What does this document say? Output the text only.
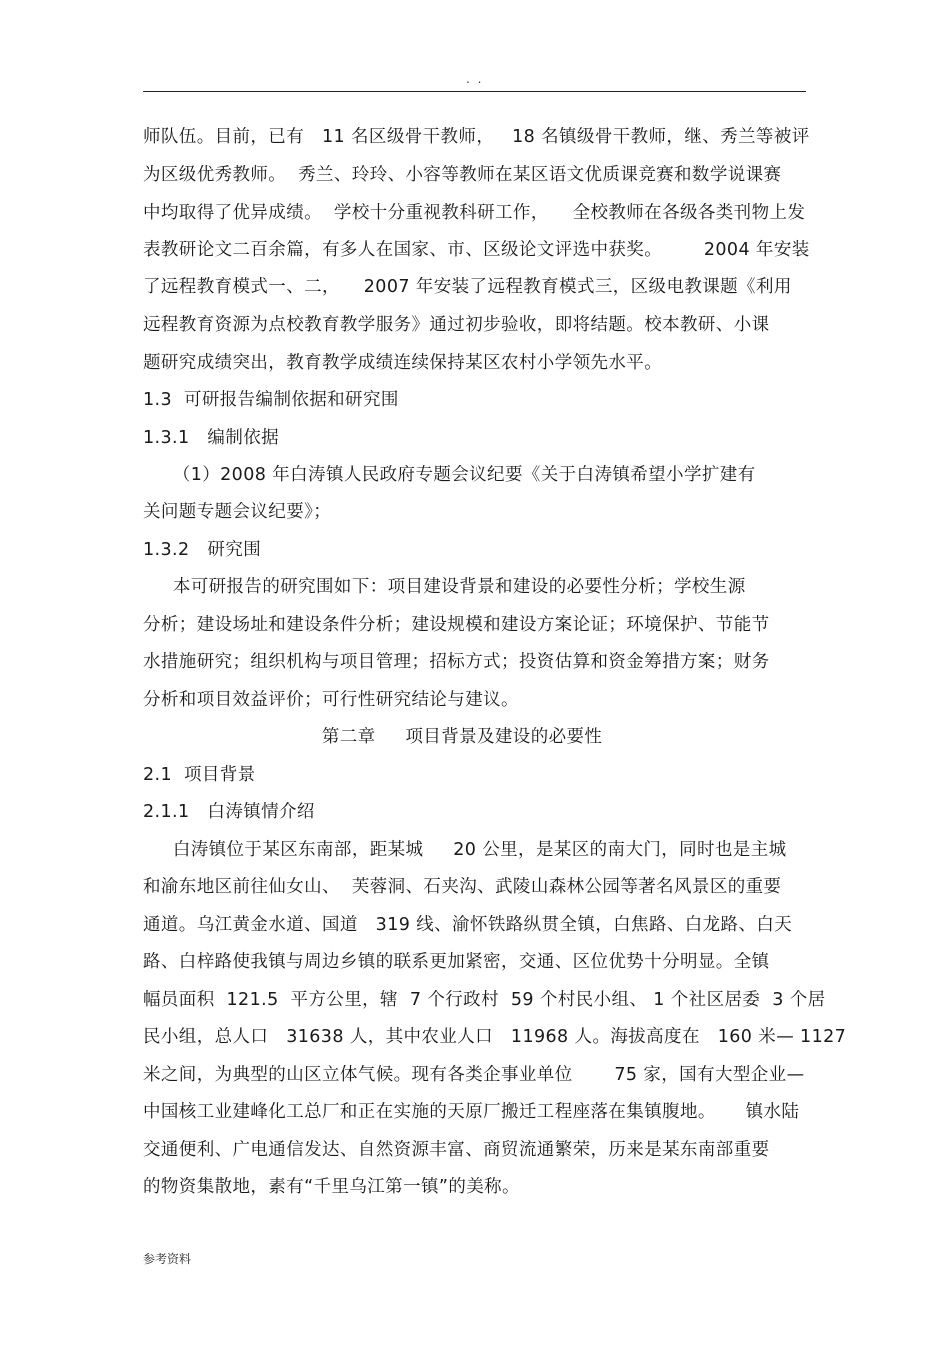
. .
师队伍。目前，已有   11 名区级骨干教师，   18 名镇级骨干教师，继、秀兰等被评
为区级优秀教师。  秀兰、玲玲、小容等教师在某区语文优质课竞赛和数学说课赛
中均取得了优异成绩。  学校十分重视教科研工作，    全校教师在各级各类刊物上发
表教研论文二百余篇，有多人在国家、市、区级论文评选中获奖。       2004 年安装
了远程教育模式一、二，    2007 年安装了远程教育模式三，区级电教课题《利用
远程教育资源为点校教育教学服务》通过初步验收，即将结题。校本教研、小课
题研究成绩突出，教育教学成绩连续保持某区农村小学领先水平。
1.3  可研报告编制依据和研究围
1.3.1   编制依据
（1）2008 年白涛镇人民政府专题会议纪要《关于白涛镇希望小学扩建有
关问题专题会议纪要》；
1.3.2   研究围
本可研报告的研究围如下：项目建设背景和建设的必要性分析；学校生源
分析；建设场址和建设条件分析；建设规模和建设方案论证；环境保护、节能节
水措施研究；组织机构与项目管理；招标方式；投资估算和资金筹措方案；财务
分析和项目效益评价；可行性研究结论与建议。
第二章     项目背景及建设的必要性
2.1  项目背景
2.1.1   白涛镇情介绍
白涛镇位于某区东南部，距某城     20 公里，是某区的南大门，同时也是主城
和渝东地区前往仙女山、  芙蓉洞、石夹沟、武陵山森林公园等著名风景区的重要
通道。乌江黄金水道、国道   319 线、渝怀铁路纵贯全镇，白焦路、白龙路、白天
路、白梓路使我镇与周边乡镇的联系更加紧密，交通、区位优势十分明显。全镇
幅员面积  121.5  平方公里，辖  7 个行政村  59 个村民小组、 1 个社区居委  3 个居
民小组，总人口   31638 人，其中农业人口   11968 人。海拔高度在   160 米— 1127
米之间，为典型的山区立体气候。现有各类企事业单位       75 家，国有大型企业—
中国核工业建峰化工总厂和正在实施的天原厂搬迁工程座落在集镇腹地。     镇水陆
交通便利、广电通信发达、自然资源丰富、商贸流通繁荣，历来是某东南部重要
的物资集散地，素有“千里乌江第一镇”的美称。
参考资料
